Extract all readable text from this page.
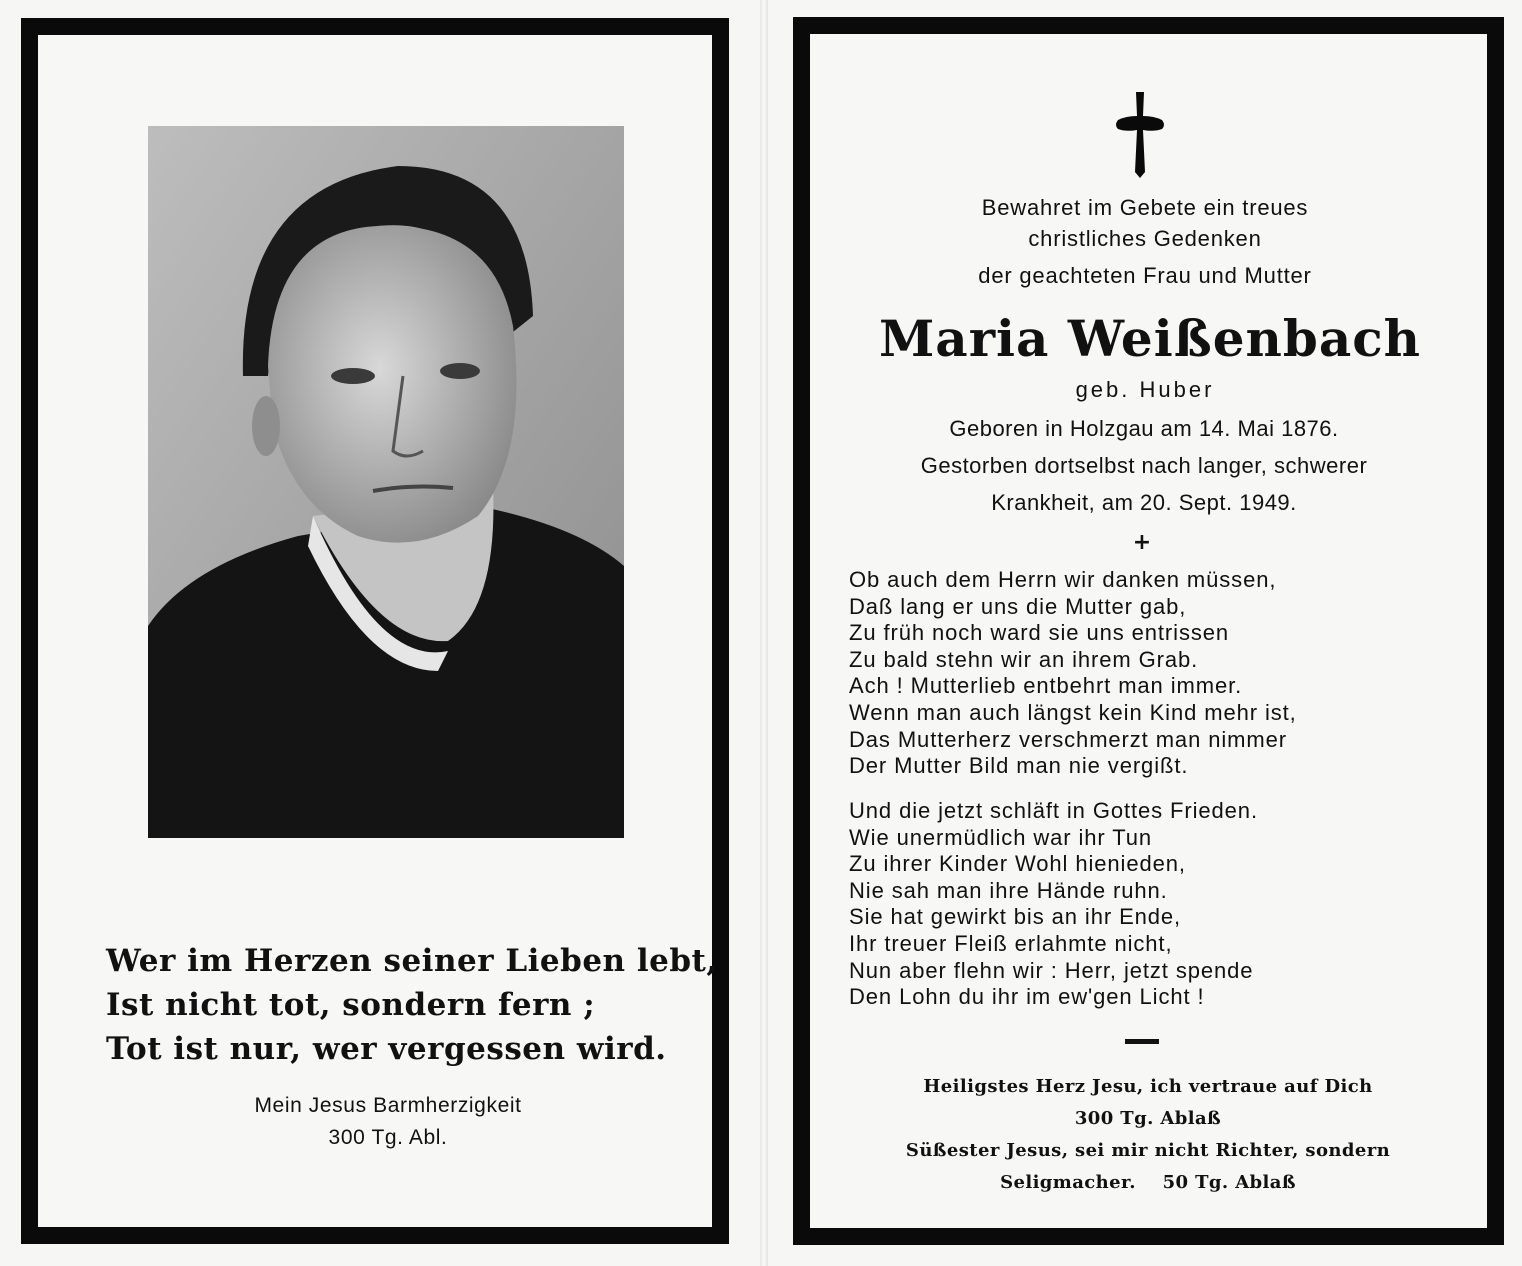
Wer im Herzen seiner Lieben lebt,
Ist nicht tot, sondern fern ;
Tot ist nur, wer vergessen wird.
Mein Jesus Barmherzigkeit
300 Tg. Abl.
Bewahret im Gebete ein treues
christliches Gedenken
der geachteten Frau und Mutter
Maria Weißenbach
geb. Huber
Geboren in Holzgau am 14. Mai 1876.
Gestorben dortselbst nach langer, schwerer
Krankheit, am 20. Sept. 1949.
+
Ob auch dem Herrn wir danken müssen,
Daß lang er uns die Mutter gab,
Zu früh noch ward sie uns entrissen
Zu bald stehn wir an ihrem Grab.
Ach ! Mutterlieb entbehrt man immer.
Wenn man auch längst kein Kind mehr ist,
Das Mutterherz verschmerzt man nimmer
Der Mutter Bild man nie vergißt.
Und die jetzt schläft in Gottes Frieden.
Wie unermüdlich war ihr Tun
Zu ihrer Kinder Wohl hienieden,
Nie sah man ihre Hände ruhn.
Sie hat gewirkt bis an ihr Ende,
Ihr treuer Fleiß erlahmte nicht,
Nun aber flehn wir : Herr, jetzt spende
Den Lohn du ihr im ew'gen Licht !
Heiligstes Herz Jesu, ich vertraue auf Dich
300 Tg. Ablaß
Süßester Jesus, sei mir nicht Richter, sondern
Seligmacher.    50 Tg. Ablaß
